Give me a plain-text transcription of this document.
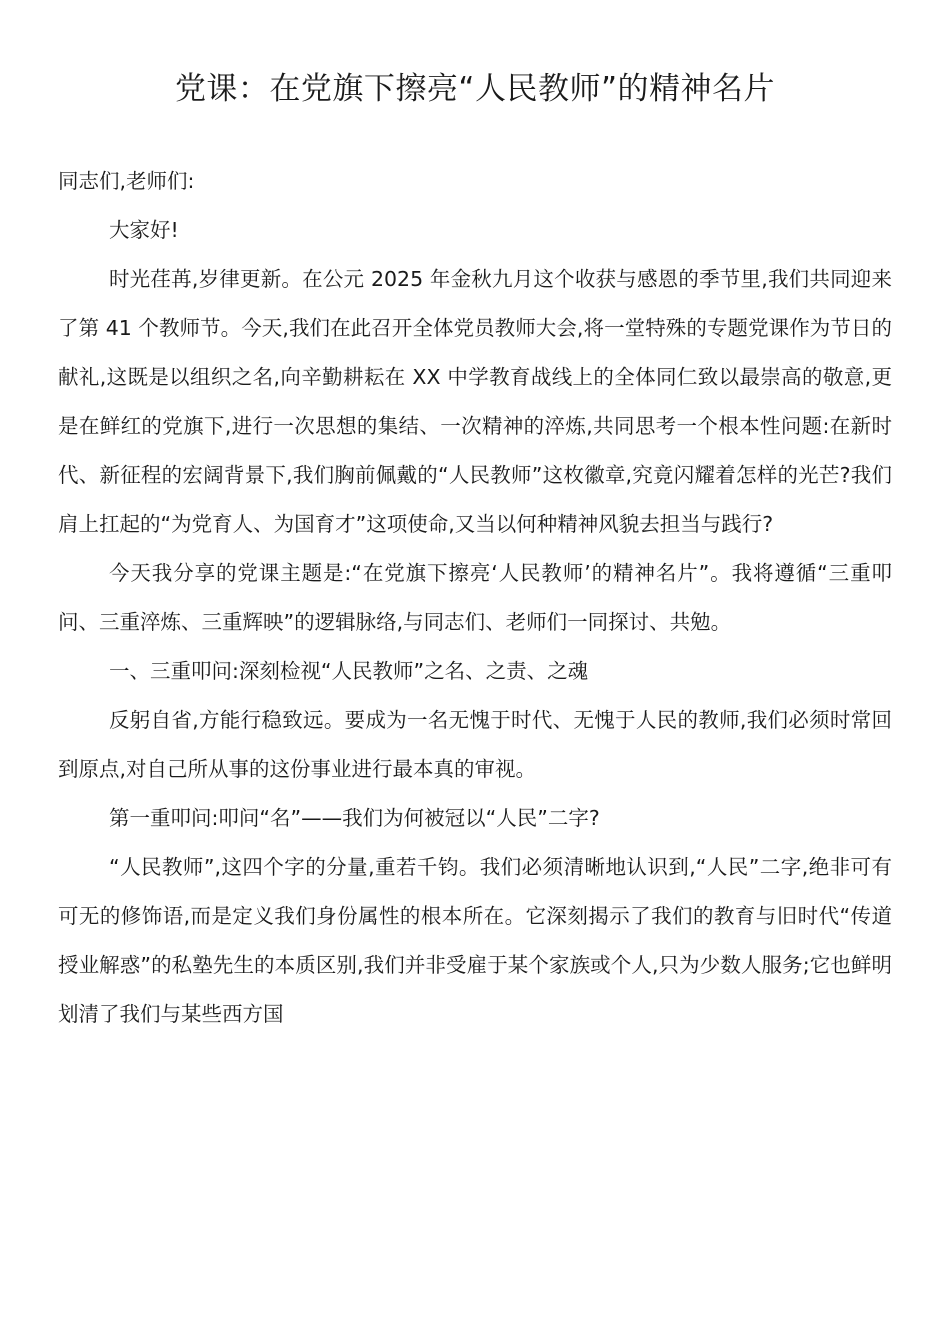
党课：在党旗下擦亮“人民教师”的精神名片

同志们,老师们:

大家好!

时光荏苒,岁律更新。在公元 2025 年金秋九月这个收获与感恩的季节里,我们共同迎来了第 41 个教师节。今天,我们在此召开全体党员教师大会,将一堂特殊的专题党课作为节日的献礼,这既是以组织之名,向辛勤耕耘在 XX 中学教育战线上的全体同仁致以最崇高的敬意,更是在鲜红的党旗下,进行一次思想的集结、一次精神的淬炼,共同思考一个根本性问题:在新时代、新征程的宏阔背景下,我们胸前佩戴的“人民教师”这枚徽章,究竟闪耀着怎样的光芒?我们肩上扛起的“为党育人、为国育才”这项使命,又当以何种精神风貌去担当与践行?

今天我分享的党课主题是:“在党旗下擦亮‘人民教师’的精神名片”。我将遵循“三重叩问、三重淬炼、三重辉映”的逻辑脉络,与同志们、老师们一同探讨、共勉。

一、三重叩问:深刻检视“人民教师”之名、之责、之魂

反躬自省,方能行稳致远。要成为一名无愧于时代、无愧于人民的教师,我们必须时常回到原点,对自己所从事的这份事业进行最本真的审视。

第一重叩问:叩问“名”——我们为何被冠以“人民”二字?

“人民教师”,这四个字的分量,重若千钧。我们必须清晰地认识到,“人民”二字,绝非可有可无的修饰语,而是定义我们身份属性的根本所在。它深刻揭示了我们的教育与旧时代“传道授业解惑”的私塾先生的本质区别,我们并非受雇于某个家族或个人,只为少数人服务;它也鲜明划清了我们与某些西方国
